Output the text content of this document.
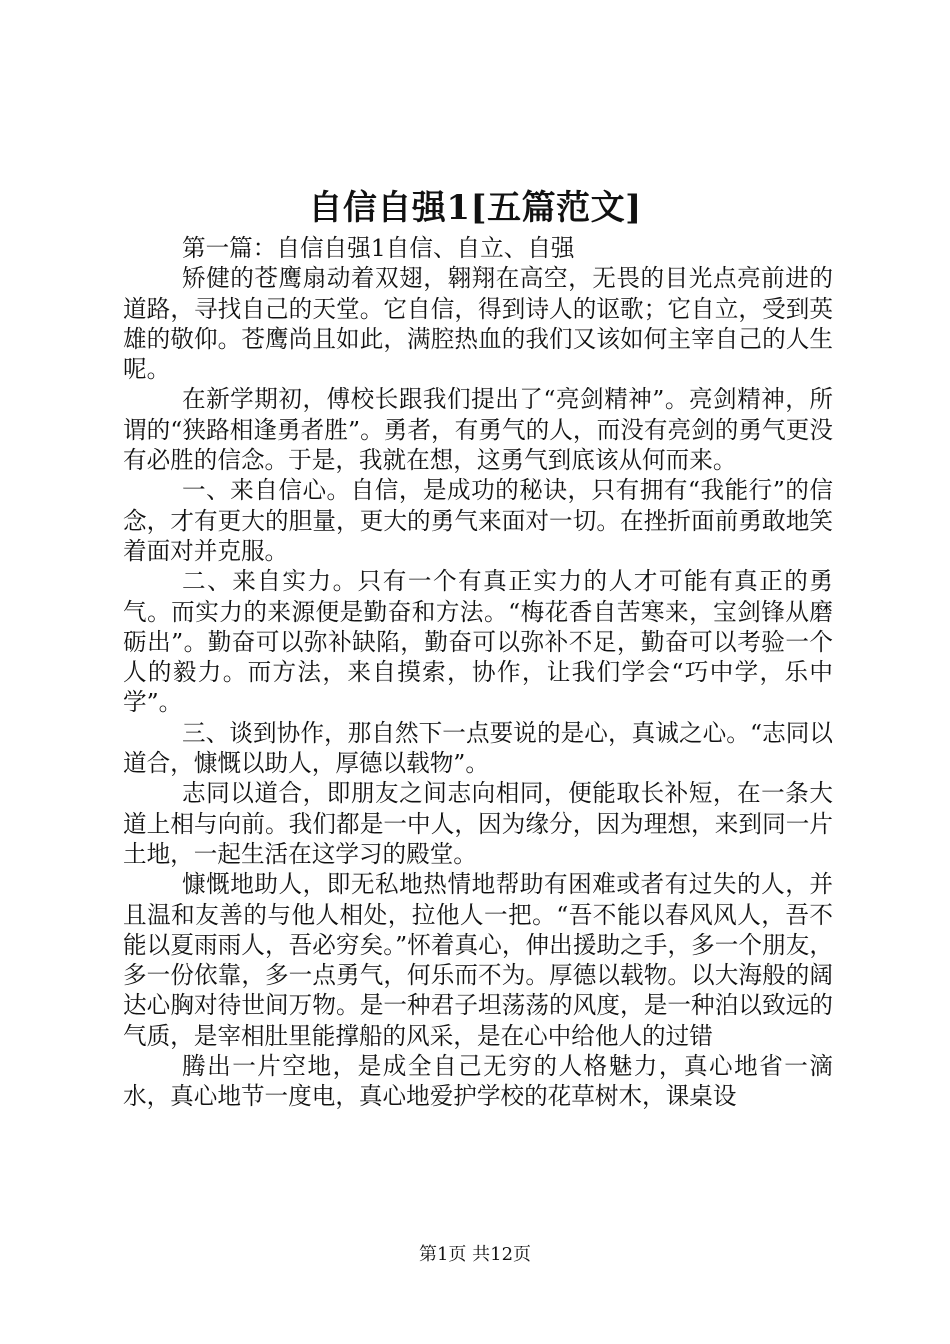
自信自强1[五篇范文]

第一篇：自信自强1自信、自立、自强

矫健的苍鹰扇动着双翅，翱翔在高空，无畏的目光点亮前进的道路，寻找自己的天堂。它自信，得到诗人的讴歌；它自立，受到英雄的敬仰。苍鹰尚且如此，满腔热血的我们又该如何主宰自己的人生呢。

在新学期初，傅校长跟我们提出了“亮剑精神”。亮剑精神，所谓的“狭路相逢勇者胜”。勇者，有勇气的人，而没有亮剑的勇气更没有必胜的信念。于是，我就在想，这勇气到底该从何而来。

一、来自信心。自信，是成功的秘诀，只有拥有“我能行”的信念，才有更大的胆量，更大的勇气来面对一切。在挫折面前勇敢地笑着面对并克服。

二、来自实力。只有一个有真正实力的人才可能有真正的勇气。而实力的来源便是勤奋和方法。“梅花香自苦寒来，宝剑锋从磨砺出”。勤奋可以弥补缺陷，勤奋可以弥补不足，勤奋可以考验一个人的毅力。而方法，来自摸索，协作，让我们学会“巧中学，乐中学”。

三、谈到协作，那自然下一点要说的是心，真诚之心。“志同以道合，慷慨以助人，厚德以载物”。

志同以道合，即朋友之间志向相同，便能取长补短，在一条大道上相与向前。我们都是一中人，因为缘分，因为理想，来到同一片土地，一起生活在这学习的殿堂。

慷慨地助人，即无私地热情地帮助有困难或者有过失的人，并且温和友善的与他人相处，拉他人一把。“吾不能以春风风人，吾不能以夏雨雨人，吾必穷矣。”怀着真心，伸出援助之手，多一个朋友，多一份依靠，多一点勇气，何乐而不为。厚德以载物。以大海般的阔达心胸对待世间万物。是一种君子坦荡荡的风度，是一种泊以致远的气质，是宰相肚里能撑船的风采，是在心中给他人的过错

腾出一片空地，是成全自己无穷的人格魅力，真心地省一滴水，真心地节一度电，真心地爱护学校的花草树木，课桌设

第1页 共12页
